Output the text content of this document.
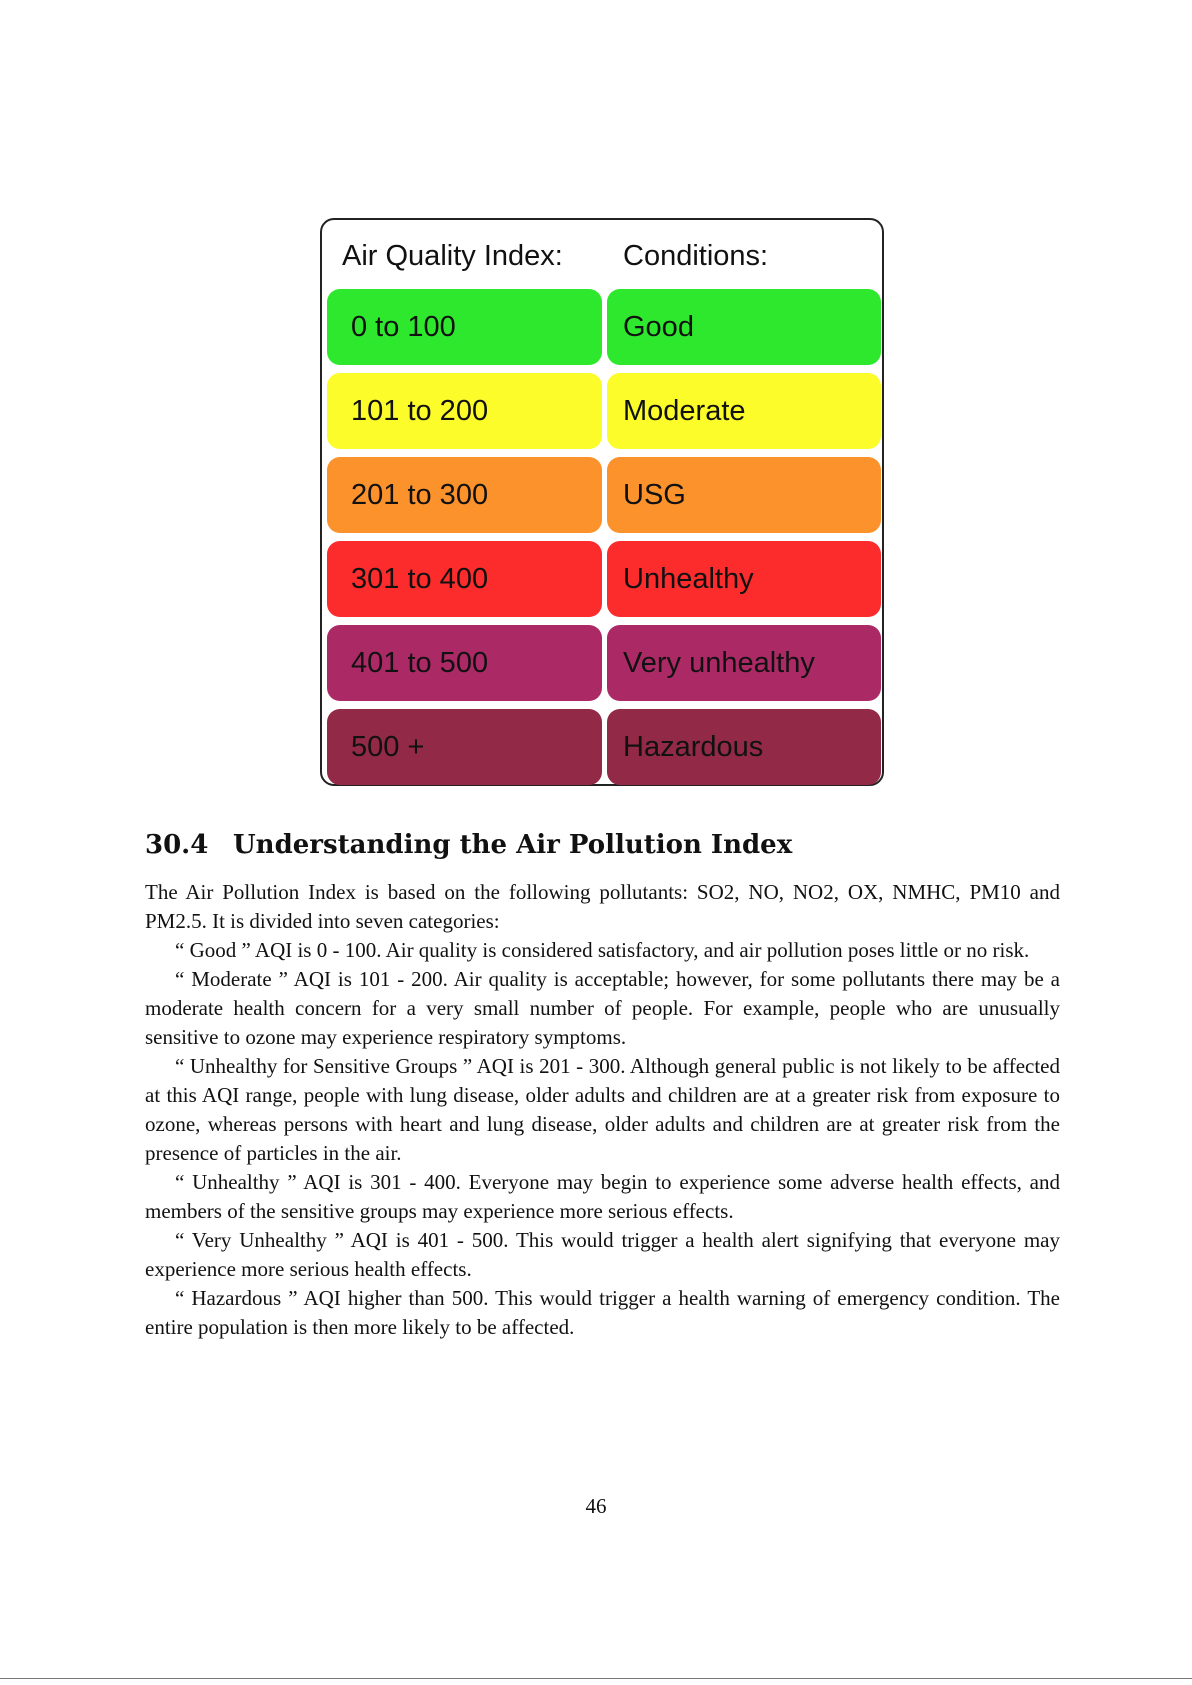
Air Quality Index: Conditions:
0 to 100	Good
101 to 200	Moderate
201 to 300	USG
301 to 400	Unhealthy
401 to 500	Very unhealthy
500 +	Hazardous
30.4 Understanding the Air Pollution Index

The Air Pollution Index is based on the following pollutants: SO2, NO, NO2, OX, NMHC, PM10 and PM2.5. It is divided into seven categories:

“ Good ” AQI is 0 - 100. Air quality is considered satisfactory, and air pollution poses little or no risk.

“ Moderate ” AQI is 101 - 200. Air quality is acceptable; however, for some pollutants there may be a moderate health concern for a very small number of people. For example, people who are unusually sensitive to ozone may experience respiratory symptoms.

“ Unhealthy for Sensitive Groups ” AQI is 201 - 300. Although general public is not likely to be affected at this AQI range, people with lung disease, older adults and children are at a greater risk from exposure to ozone, whereas persons with heart and lung disease, older adults and children are at greater risk from the presence of particles in the air.

“ Unhealthy ” AQI is 301 - 400. Everyone may begin to experience some adverse health effects, and members of the sensitive groups may experience more serious effects.

“ Very Unhealthy ” AQI is 401 - 500. This would trigger a health alert signifying that everyone may experience more serious health effects.

“ Hazardous ” AQI higher than 500. This would trigger a health warning of emergency condition. The entire population is then more likely to be affected.

46
